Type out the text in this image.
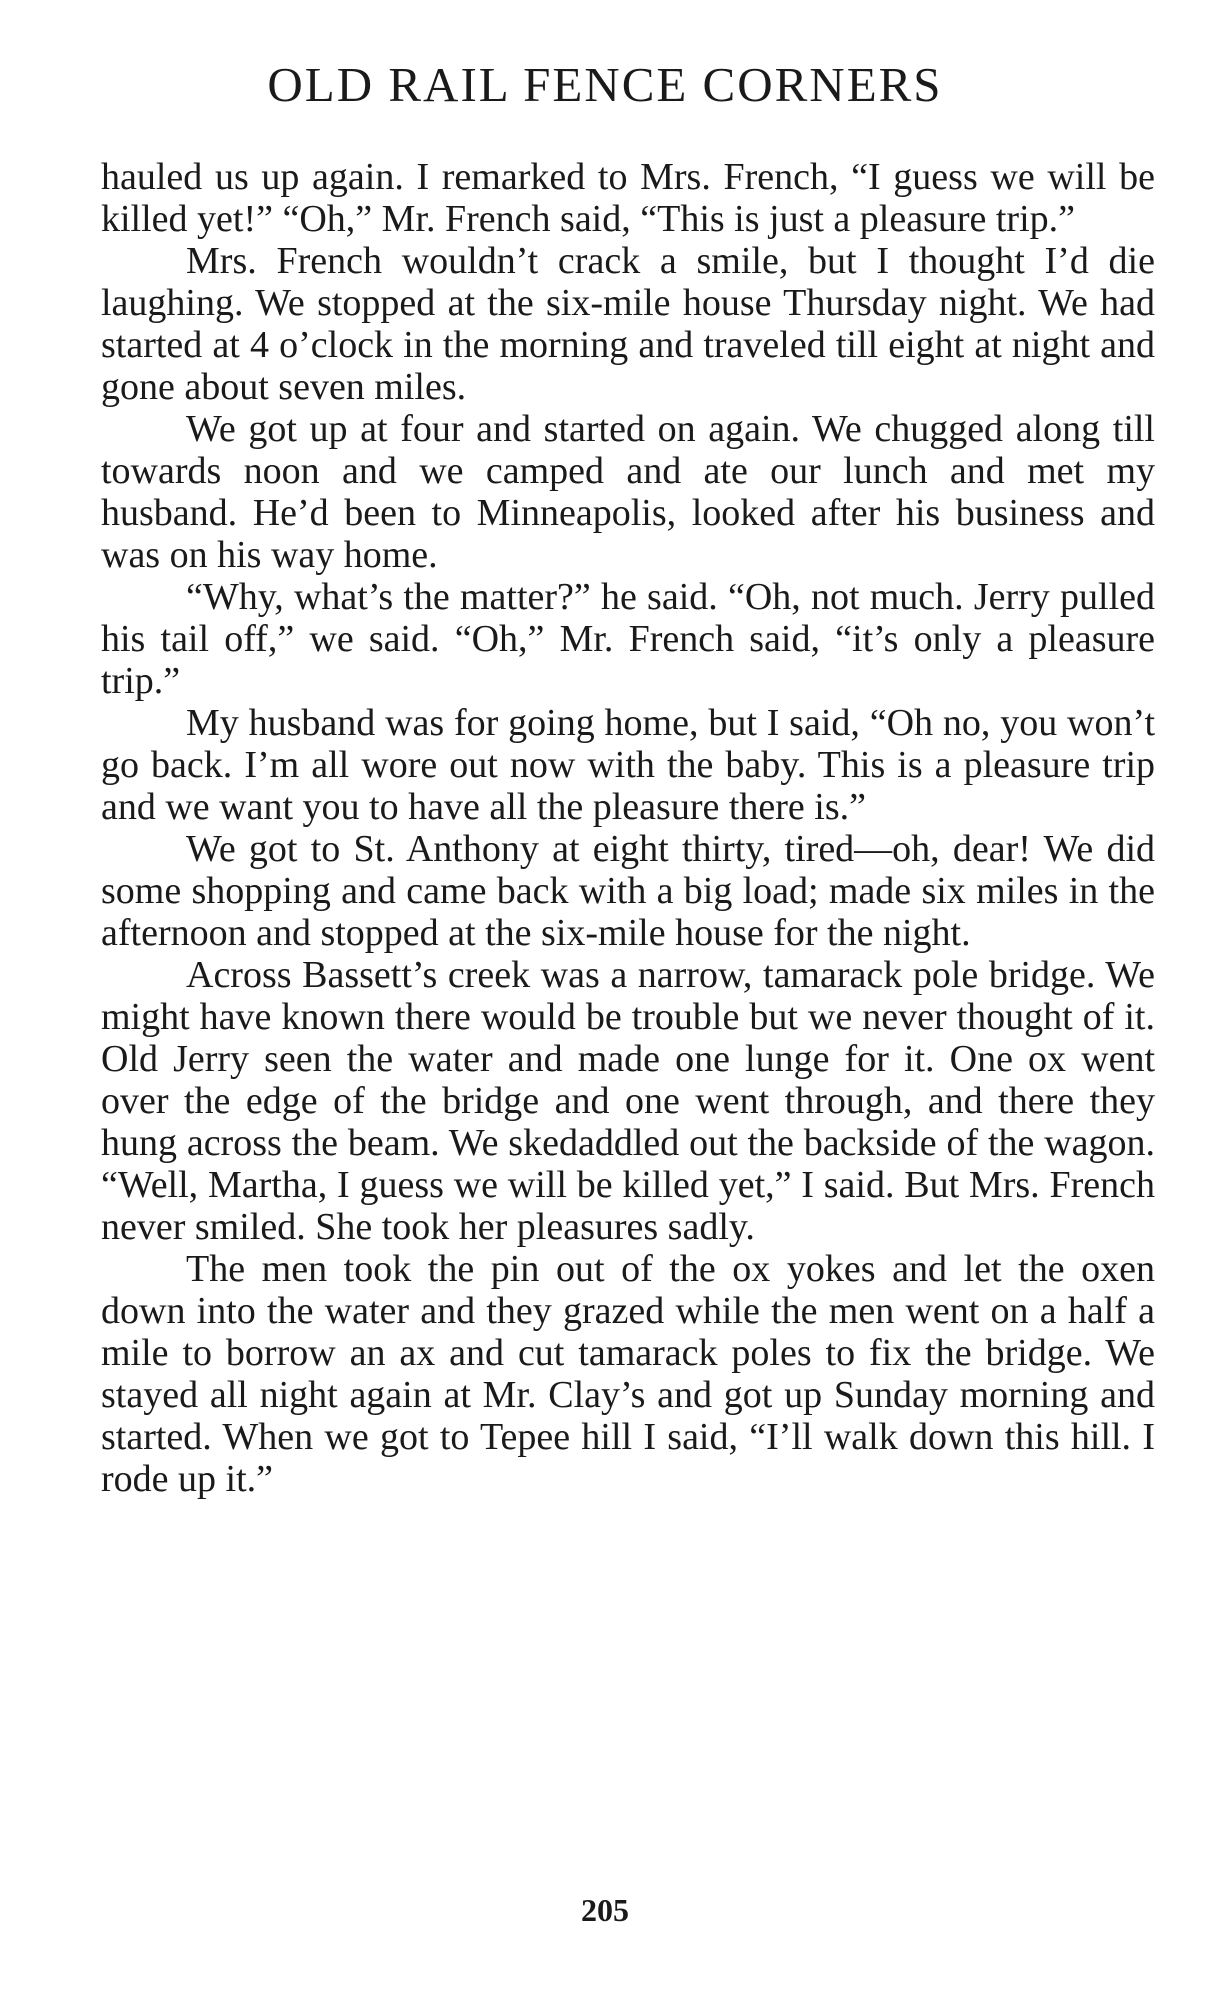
OLD RAIL FENCE CORNERS

hauled us up again. I remarked to Mrs. French, “I guess we will be killed yet!” “Oh,” Mr. French said, “This is just a pleasure trip.”

Mrs. French wouldn’t crack a smile, but I thought I’d die laughing. We stopped at the six-mile house Thursday night. We had started at 4 o’clock in the morning and traveled till eight at night and gone about seven miles.

We got up at four and started on again. We chugged along till towards noon and we camped and ate our lunch and met my husband. He’d been to Minneapolis, looked after his business and was on his way home.

“Why, what’s the matter?” he said. “Oh, not much. Jerry pulled his tail off,” we said. “Oh,” Mr. French said, “it’s only a pleasure trip.”

My husband was for going home, but I said, “Oh no, you won’t go back. I’m all wore out now with the baby. This is a pleasure trip and we want you to have all the pleasure there is.”

We got to St. Anthony at eight thirty, tired—oh, dear! We did some shopping and came back with a big load; made six miles in the afternoon and stopped at the six-mile house for the night.

Across Bassett’s creek was a narrow, tamarack pole bridge. We might have known there would be trouble but we never thought of it. Old Jerry seen the water and made one lunge for it. One ox went over the edge of the bridge and one went through, and there they hung across the beam. We skedaddled out the backside of the wagon. “Well, Martha, I guess we will be killed yet,” I said. But Mrs. French never smiled. She took her pleasures sadly.

The men took the pin out of the ox yokes and let the oxen down into the water and they grazed while the men went on a half a mile to borrow an ax and cut tamarack poles to fix the bridge. We stayed all night again at Mr. Clay’s and got up Sunday morning and started. When we got to Tepee hill I said, “I’ll walk down this hill. I rode up it.”

205
